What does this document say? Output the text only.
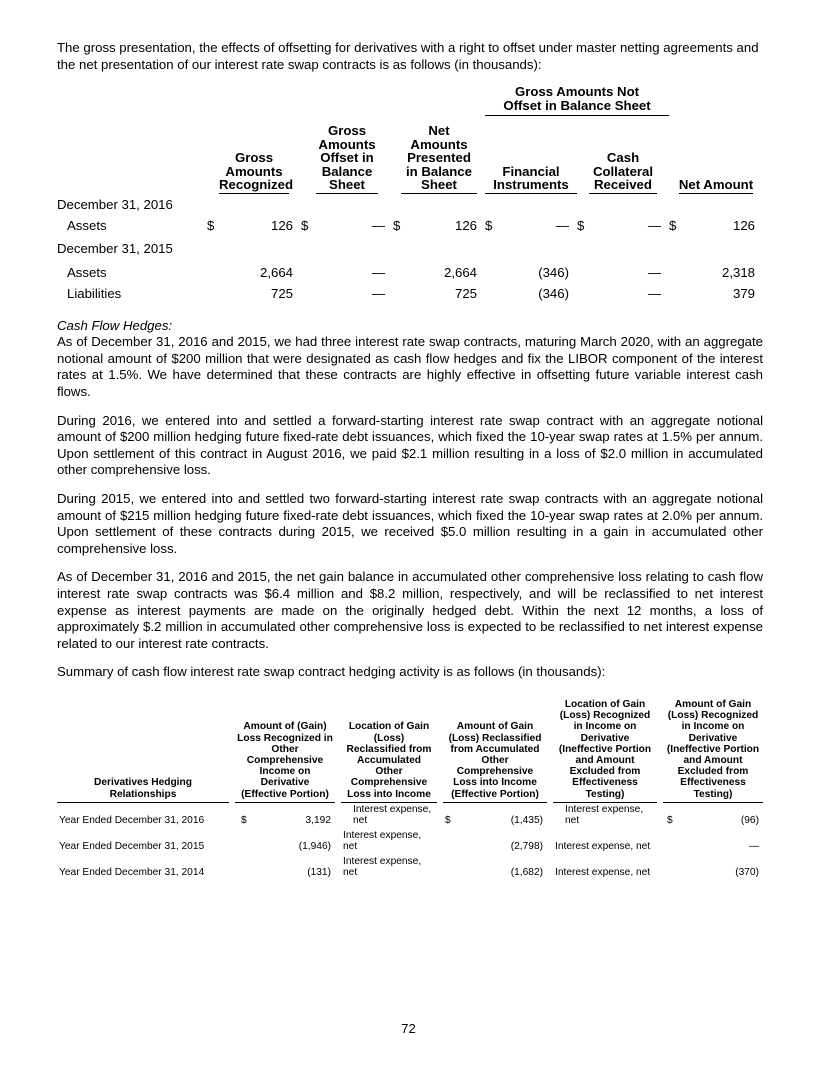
The gross presentation, the effects of offsetting for derivatives with a right to offset under master netting agreements and the net presentation of our interest rate swap contracts is as follows (in thousands):

							Gross Amounts Not Offset in Balance Sheet					
	Gross Amounts Recognized		Gross Amounts Offset in Balance Sheet		Net Amounts Presented in Balance Sheet		Financial Instruments		Cash Collateral Received		Net Amount	
December 31, 2016												
Assets	$	126	$	—	$	126	$	—	$	—	$	126
December 31, 2015												
Assets		2,664		—		2,664		(346)		—		2,318
Liabilities		725		—		725		(346)		—		379
Cash Flow Hedges:

As of December 31, 2016 and 2015, we had three interest rate swap contracts, maturing March 2020, with an aggregate notional amount of $200 million that were designated as cash flow hedges and fix the LIBOR component of the interest rates at 1.5%. We have determined that these contracts are highly effective in offsetting future variable interest cash flows.

During 2016, we entered into and settled a forward-starting interest rate swap contract with an aggregate notional amount of $200 million hedging future fixed-rate debt issuances, which fixed the 10-year swap rates at 1.5% per annum. Upon settlement of this contract in August 2016, we paid $2.1 million resulting in a loss of $2.0 million in accumulated other comprehensive loss.

During 2015, we entered into and settled two forward-starting interest rate swap contracts with an aggregate notional amount of $215 million hedging future fixed-rate debt issuances, which fixed the 10-year swap rates at 2.0% per annum. Upon settlement of these contracts during 2015, we received $5.0 million resulting in a gain in accumulated other comprehensive loss.

As of December 31, 2016 and 2015, the net gain balance in accumulated other comprehensive loss relating to cash flow interest rate swap contracts was $6.4 million and $8.2 million, respectively, and will be reclassified to net interest expense as interest payments are made on the originally hedged debt. Within the next 12 months, a loss of approximately $.2 million in accumulated other comprehensive loss is expected to be reclassified to net interest expense related to our interest rate contracts.

Summary of cash flow interest rate swap contract hedging activity is as follows (in thousands):

Derivatives Hedging Relationships		Amount of (Gain) Loss Recognized in Other Comprehensive Income on Derivative (Effective Portion)		Location of Gain (Loss) Reclassified from Accumulated Other Comprehensive Loss into Income		Amount of Gain (Loss) Reclassified from Accumulated Other Comprehensive Loss into Income (Effective Portion)		Location of Gain (Loss) Recognized in Income on Derivative (Ineffective Portion and Amount Excluded from Effectiveness Testing)		Amount of Gain (Loss) Recognized in Income on Derivative (Ineffective Portion and Amount Excluded from Effectiveness Testing)
Year Ended December 31, 2016		$ 3,192		Interest expense, net		$ (1,435)		Interest expense, net		$ (96)
Year Ended December 31, 2015		(1,946)		Interest expense, net		(2,798)		Interest expense, net		—
Year Ended December 31, 2014		(131)		Interest expense, net		(1,682)		Interest expense, net		(370)
72
